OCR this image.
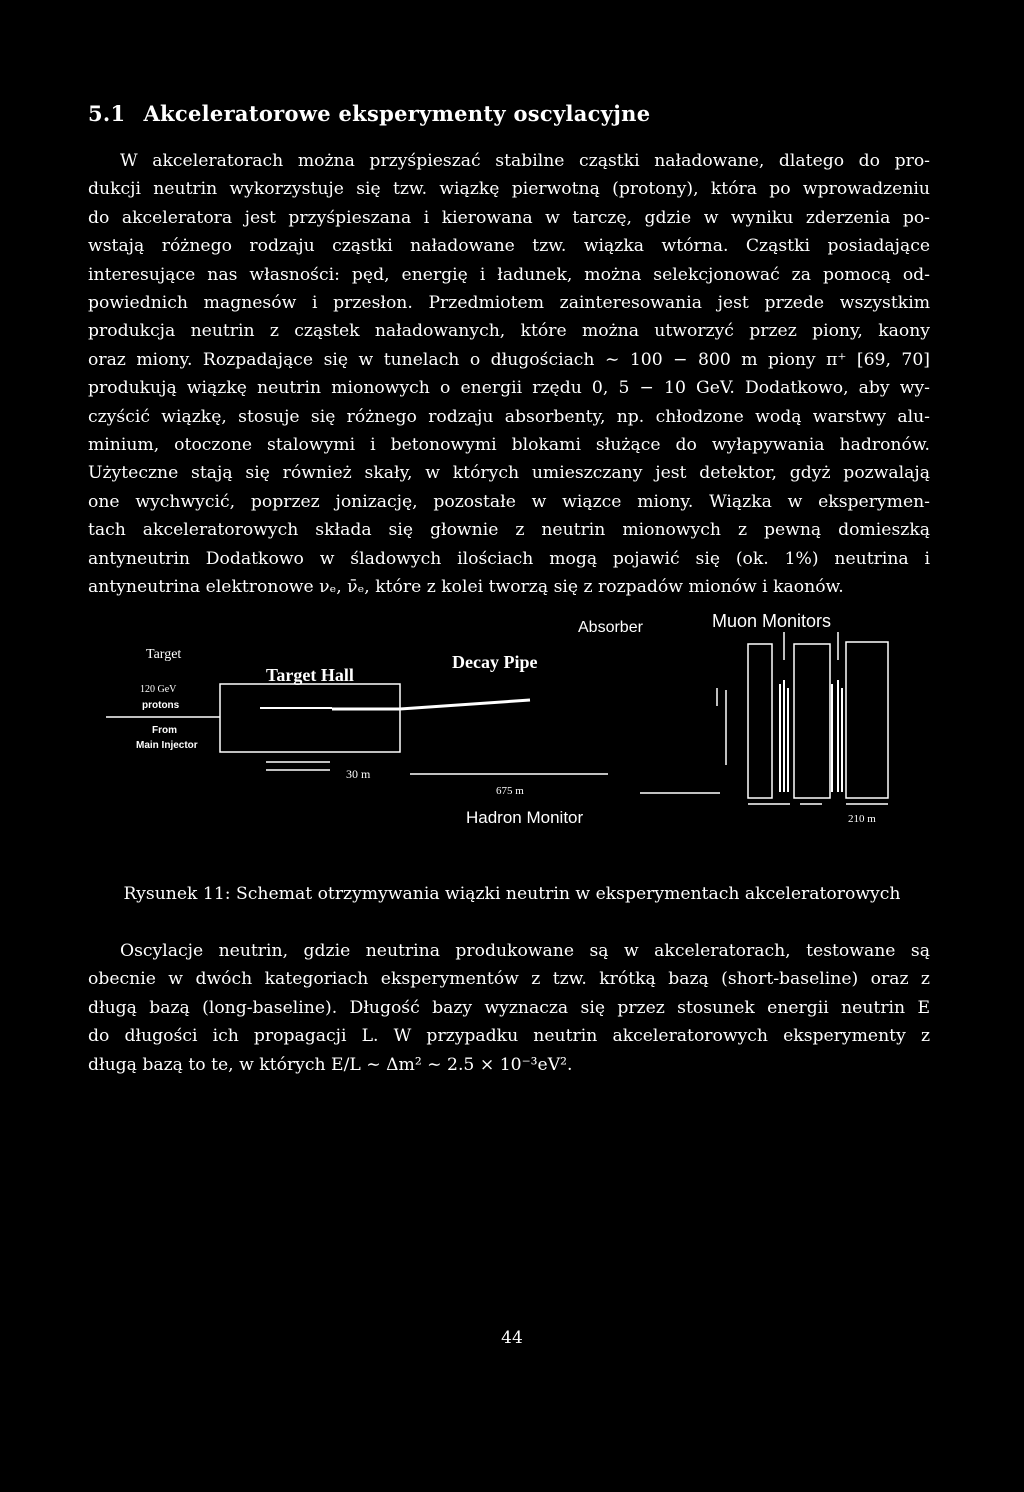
5.1 Akceleratorowe eksperymenty oscylacyjne
W akceleratorach można przyśpieszać stabilne cząstki naładowane, dlatego do pro-
dukcji neutrin wykorzystuje się tzw. wiązkę pierwotną (protony), która po wprowadzeniu
do akceleratora jest przyśpieszana i kierowana w tarczę, gdzie w wyniku zderzenia po-
wstają różnego rodzaju cząstki naładowane tzw. wiązka wtórna. Cząstki posiadające
interesujące nas własności: pęd, energię i ładunek, można selekcjonować za pomocą od-
powiednich magnesów i przesłon. Przedmiotem zainteresowania jest przede wszystkim
produkcja neutrin z cząstek naładowanych, które można utworzyć przez piony, kaony
oraz miony. Rozpadające się w tunelach o długościach ∼ 100 − 800 m piony π⁺ [69, 70]
produkują wiązkę neutrin mionowych o energii rzędu 0, 5 − 10 GeV. Dodatkowo, aby wy-
czyścić wiązkę, stosuje się różnego rodzaju absorbenty, np. chłodzone wodą warstwy alu-
minium, otoczone stalowymi i betonowymi blokami służące do wyłapywania hadronów.
Użyteczne stają się również skały, w których umieszczany jest detektor, gdyż pozwalają
one wychwycić, poprzez jonizację, pozostałe w wiązce miony. Wiązka w eksperymen-
tach akceleratorowych składa się głownie z neutrin mionowych z pewną domieszką
antyneutrin Dodatkowo w śladowych ilościach mogą pojawić się (ok. 1%) neutrina i
antyneutrina elektronowe νₑ, ν̄ₑ, które z kolei tworzą się z rozpadów mionów i kaonów.
Target
120 GeV
protons
From
Main Injector
Target Hall
Decay Pipe
Absorber	Muon Monitors
Hadron Monitor
30 m
675 m
210 m

Rysunek 11: Schemat otrzymywania wiązki neutrin w eksperymentach akceleratorowych

Oscylacje neutrin, gdzie neutrina produkowane są w akceleratorach, testowane są
obecnie w dwóch kategoriach eksperymentów z tzw. krótką bazą (short-baseline) oraz z
długą bazą (long-baseline). Długość bazy wyznacza się przez stosunek energii neutrin E
do długości ich propagacji L. W przypadku neutrin akceleratorowych eksperymenty z
długą bazą to te, w których E/L ∼ Δm² ∼ 2.5 × 10⁻³eV².
44
